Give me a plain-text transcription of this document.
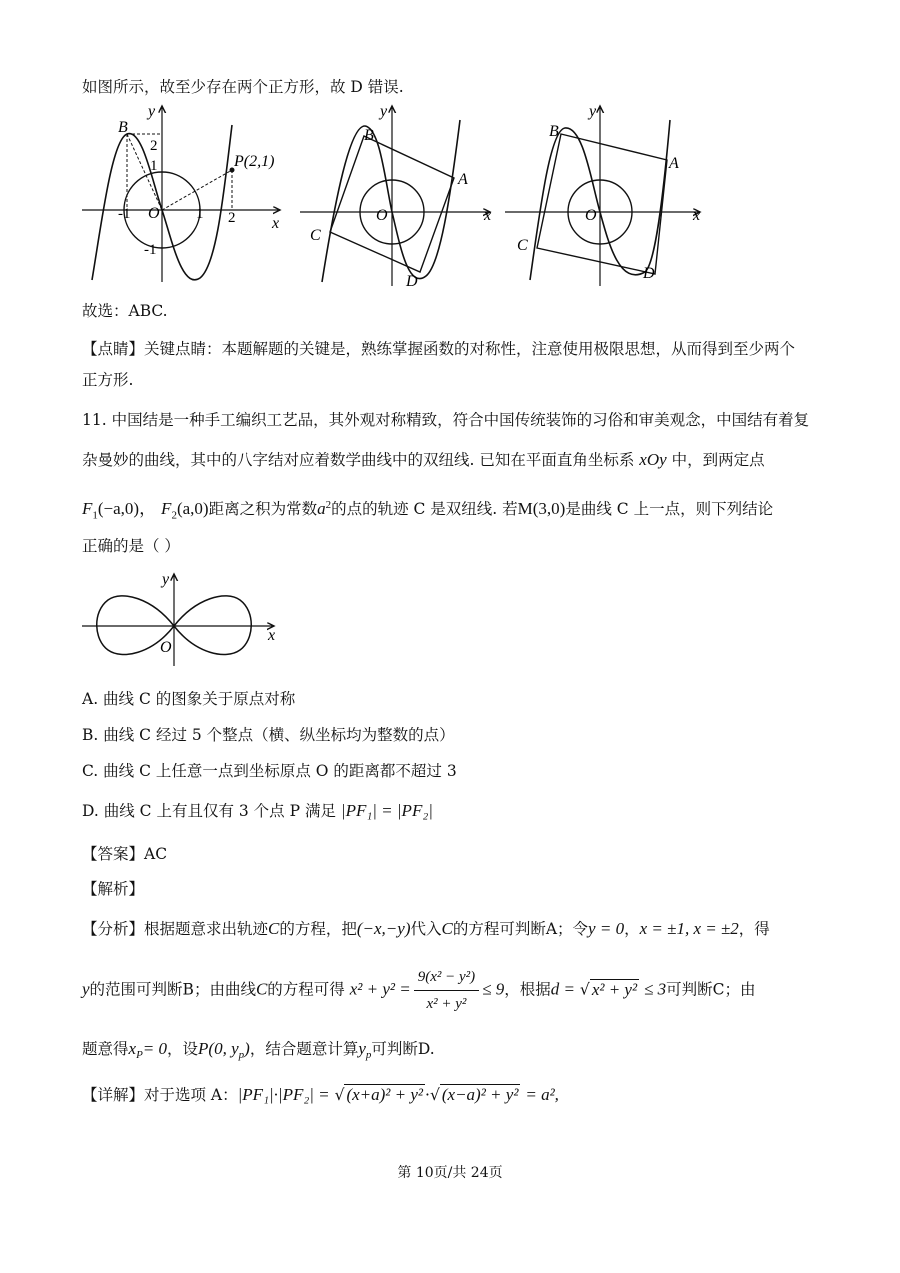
如图所示，故至少存在两个正方形，故 D 错误.
y
x
B
P(2,1)
O
2
1
-1	1 2
-1
y
x
B
A
O
C
D
y
x
B
A
O
C
D
故选：ABC.
【点睛】关键点睛：本题解题的关键是，熟练掌握函数的对称性，注意使用极限思想，从而得到至少两个
正方形.
11. 中国结是一种手工编织工艺品，其外观对称精致，符合中国传统装饰的习俗和审美观念，中国结有着复
杂曼妙的曲线，其中的八字结对应着数学曲线中的双纽线. 已知在平面直角坐标系 xOy 中，到两定点
$F_1(-a,0)$， $F_2(a,0)$距离之积为常数$a^2$的点的轨迹 C 是双纽线. 若M(3,0)是曲线 C 上一点，则下列结论
正确的是（ ）
y
x
O
A. 曲线 C 的图象关于原点对称
B. 曲线 C 经过 5 个整点（横、纵坐标均为整数的点）
C. 曲线 C 上任意一点到坐标原点 O 的距离都不超过 3
D. 曲线 C 上有且仅有 3 个点 P 满足 |PF₁| = |PF₂|
【答案】AC
【解析】
【分析】根据题意求出轨迹C的方程，把(−x,−y)代入C的方程可判断A；令y = 0，x = ±1, x = ±2，得
y的范围可判断B；由曲线C的方程可得 $x^2 + y^2 = \frac{\text{9(x² − y²)}}{\text{x² + y²}} \le 9$，根据d = √ x² + y² ≤ 3可判断C；由
题意得$x_P= 0$，设P(0, $y_p$)，结合题意计算$y_p$可判断D.
【详解】对于选项 A：|PF₁|·|PF₂| = √ (x+a)² + y² ·√ (x−a)² + y² = a²,
第 10页/共 24页
